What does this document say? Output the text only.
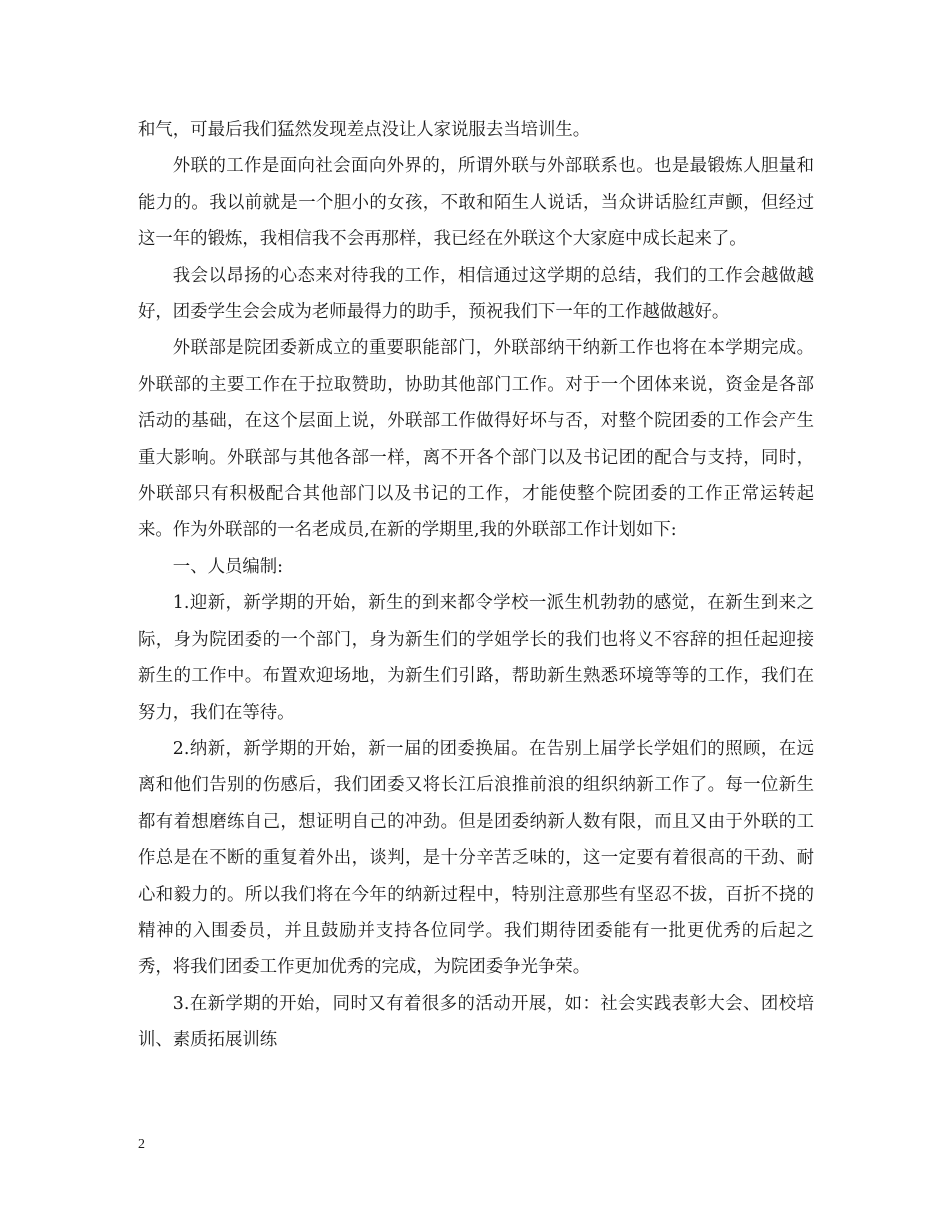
和气，可最后我们猛然发现差点没让人家说服去当培训生。

外联的工作是面向社会面向外界的，所谓外联与外部联系也。也是最锻炼人胆量和能力的。我以前就是一个胆小的女孩，不敢和陌生人说话，当众讲话脸红声颤，但经过这一年的锻炼，我相信我不会再那样，我已经在外联这个大家庭中成长起来了。

我会以昂扬的心态来对待我的工作，相信通过这学期的总结，我们的工作会越做越好，团委学生会会成为老师最得力的助手，预祝我们下一年的工作越做越好。

外联部是院团委新成立的重要职能部门，外联部纳干纳新工作也将在本学期完成。外联部的主要工作在于拉取赞助，协助其他部门工作。对于一个团体来说，资金是各部活动的基础，在这个层面上说，外联部工作做得好坏与否，对整个院团委的工作会产生重大影响。外联部与其他各部一样，离不开各个部门以及书记团的配合与支持，同时，外联部只有积极配合其他部门以及书记的工作，才能使整个院团委的工作正常运转起来。作为外联部的一名老成员,在新的学期里,我的外联部工作计划如下:

一、人员编制:

1.迎新，新学期的开始，新生的到来都令学校一派生机勃勃的感觉，在新生到来之际，身为院团委的一个部门，身为新生们的学姐学长的我们也将义不容辞的担任起迎接新生的工作中。布置欢迎场地，为新生们引路，帮助新生熟悉环境等等的工作，我们在努力，我们在等待。

2.纳新，新学期的开始，新一届的团委换届。在告别上届学长学姐们的照顾，在远离和他们告别的伤感后，我们团委又将长江后浪推前浪的组织纳新工作了。每一位新生都有着想磨练自己，想证明自己的冲劲。但是团委纳新人数有限，而且又由于外联的工作总是在不断的重复着外出，谈判，是十分辛苦乏味的，这一定要有着很高的干劲、耐心和毅力的。所以我们将在今年的纳新过程中，特别注意那些有坚忍不拔，百折不挠的精神的入围委员，并且鼓励并支持各位同学。我们期待团委能有一批更优秀的后起之秀，将我们团委工作更加优秀的完成，为院团委争光争荣。

3.在新学期的开始，同时又有着很多的活动开展，如：社会实践表彰大会、团校培训、素质拓展训练

2
